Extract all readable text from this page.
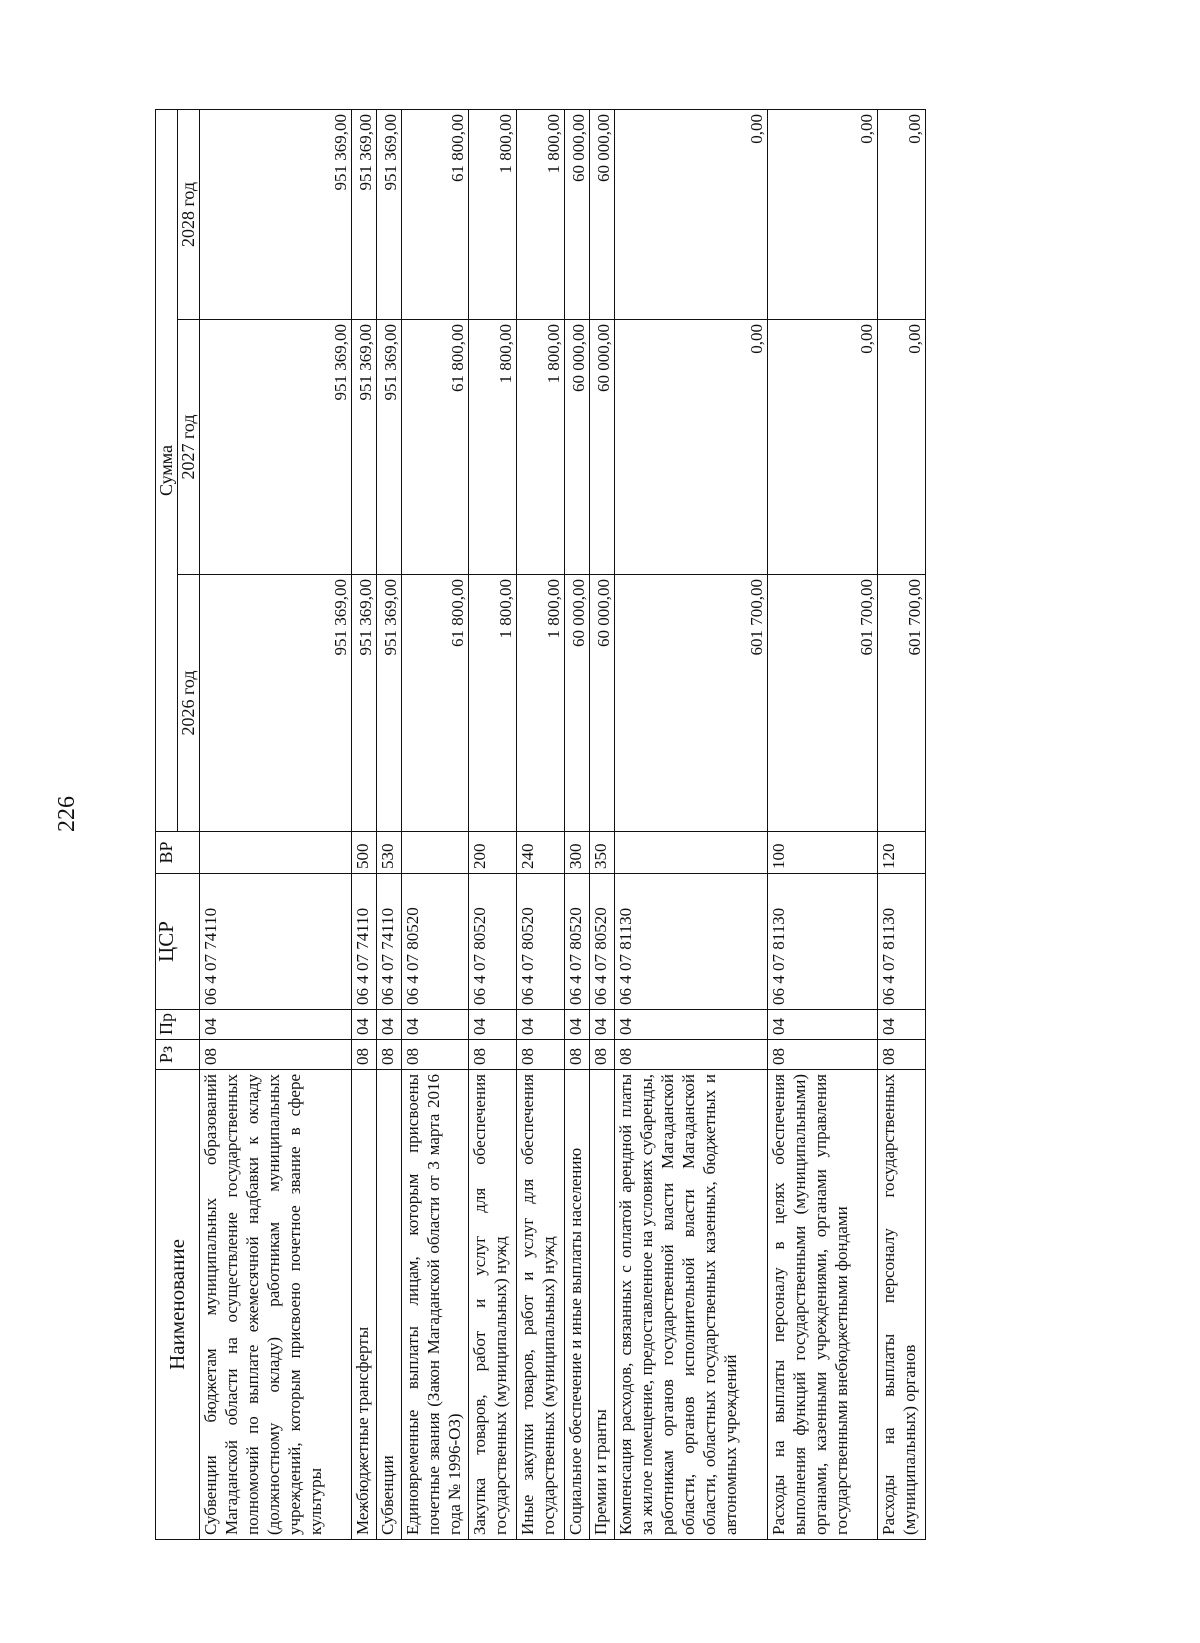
226
Наименование	Рз	Пр	ЦСР	ВР	Сумма		
					2026 год	2027 год	2028 год
Субвенции бюджетам муниципальных образований Магаданской области на осуществление государственных полномочий по выплате ежемесячной надбавки к окладу (должностному окладу) работникам муниципальных учреждений, которым присвоено почетное звание в сфере культуры	08	04	06 4 07 74110		951 369,00	951 369,00	951 369,00
Межбюджетные трансферты	08	04	06 4 07 74110	500	951 369,00	951 369,00	951 369,00
Субвенции	08	04	06 4 07 74110	530	951 369,00	951 369,00	951 369,00
Единовременные выплаты лицам, которым присвоены почетные звания (Закон Магаданской области от 3 марта 2016 года № 1996-ОЗ)	08	04	06 4 07 80520		61 800,00	61 800,00	61 800,00
Закупка товаров, работ и услуг для обеспечения государственных (муниципальных) нужд	08	04	06 4 07 80520	200	1 800,00	1 800,00	1 800,00
Иные закупки товаров, работ и услуг для обеспечения государственных (муниципальных) нужд	08	04	06 4 07 80520	240	1 800,00	1 800,00	1 800,00
Социальное обеспечение и иные выплаты населению	08	04	06 4 07 80520	300	60 000,00	60 000,00	60 000,00
Премии и гранты	08	04	06 4 07 80520	350	60 000,00	60 000,00	60 000,00
Компенсация расходов, связанных с оплатой арендной платы за жилое помещение, предоставленное на условиях субаренды, работникам органов государственной власти Магаданской области, органов исполнительной власти Магаданской области, областных государственных казенных, бюджетных и автономных учреждений	08	04	06 4 07 81130		601 700,00	0,00	0,00
Расходы на выплаты персоналу в целях обеспечения выполнения функций государственными (муниципальными) органами, казенными учреждениями, органами управления государственными внебюджетными фондами	08	04	06 4 07 81130	100	601 700,00	0,00	0,00
Расходы на выплаты персоналу государственных (муниципальных) органов	08	04	06 4 07 81130	120	601 700,00	0,00	0,00
